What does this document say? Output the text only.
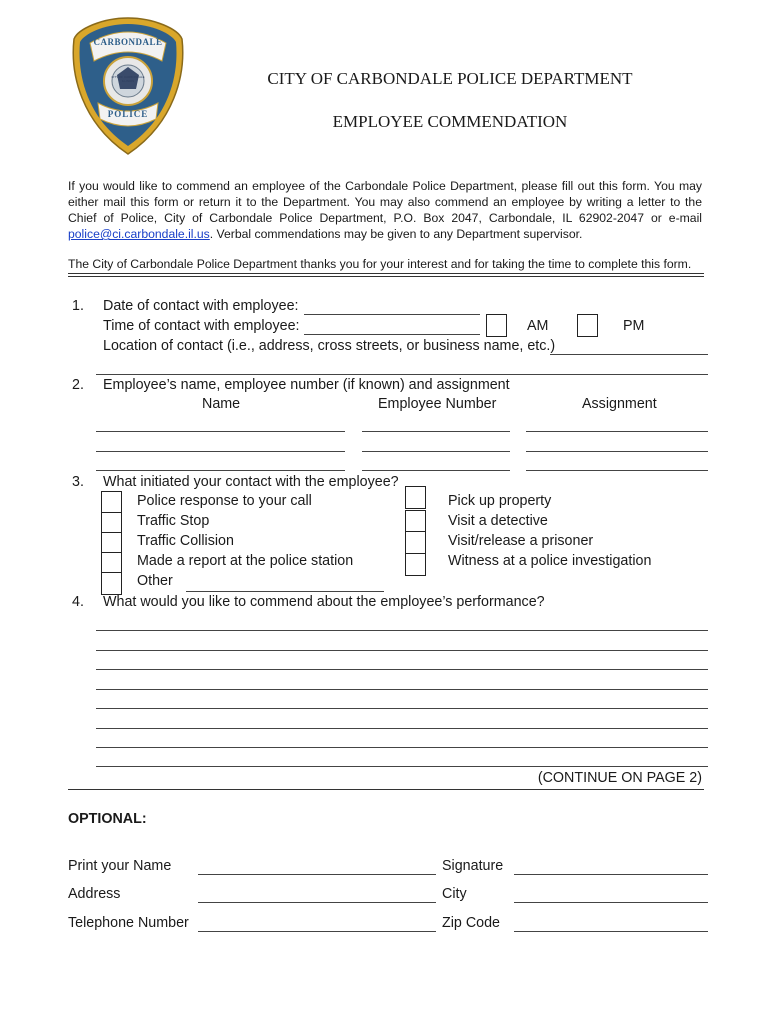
CARBONDALE
POLICE
CITY OF CARBONDALE ILLINOIS	CITY OF CARBONDALE POLICE DEPARTMENT
EMPLOYEE COMMENDATION
If you would like to commend an employee of the Carbondale Police Department, please fill out this form. You may either mail this form or return it to the Department. You may also commend an employee by writing a letter to the Chief of Police, City of Carbondale Police Department, P.O. Box 2047, Carbondale, IL 62902-2047 or e-mail police@ci.carbondale.il.us. Verbal commendations may be given to any Department supervisor.
The City of Carbondale Police Department thanks you for your interest and for taking the time to complete this form.
1. Date of contact with employee:
Time of contact with employee:	AM	PM
Location of contact (i.e., address, cross streets, or business name, etc.)
2. Employee’s name, employee number (if known) and assignment
Name	Employee Number	Assignment
3. What initiated your contact with the employee?
Police response to your call
Traffic Stop
Traffic Collision
Made a report at the police station
Other
Pick up property
Visit a detective
Visit/release a prisoner
Witness at a police investigation
4. What would you like to commend about the employee’s performance?
(CONTINUE ON PAGE 2)
OPTIONAL:
Print your Name	Signature
Address	City
Telephone Number	Zip Code
